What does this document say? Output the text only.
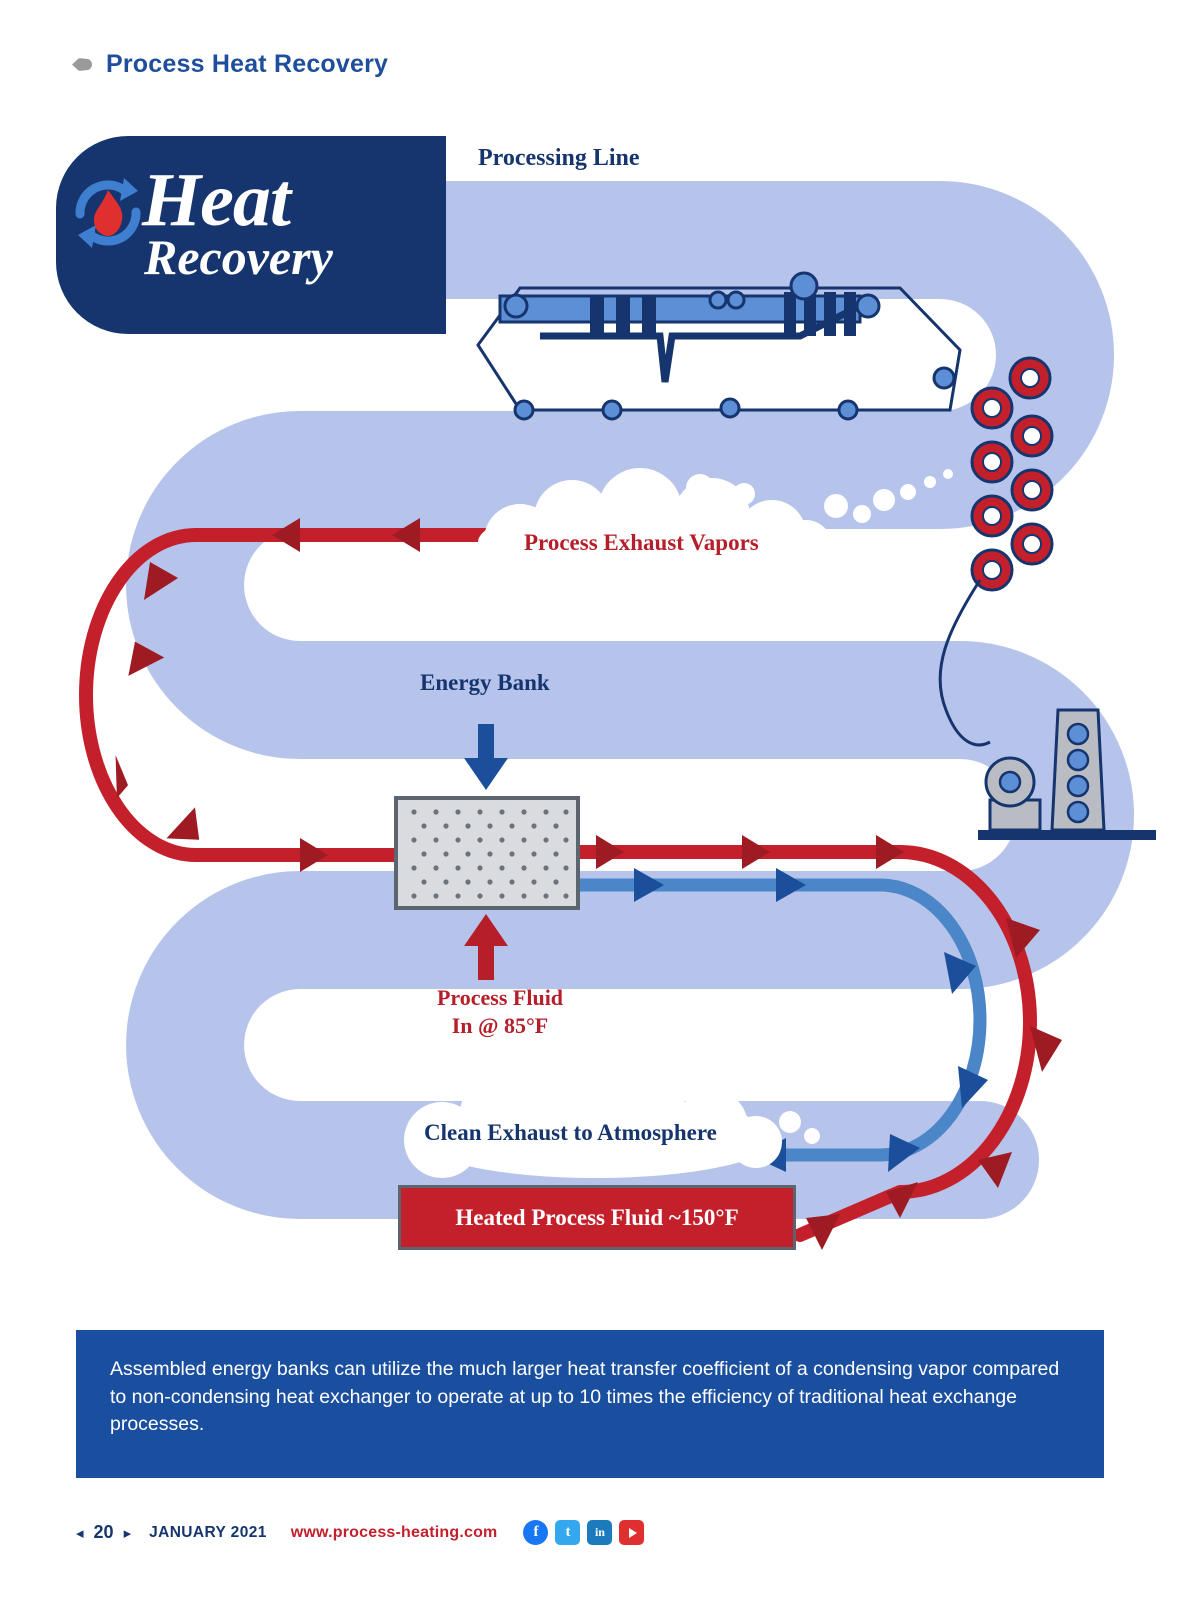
Process Heat Recovery
Heat
Recovery
Processing Line
Process Exhaust Vapors
Energy Bank
Process Fluid
In @ 85°F
Clean Exhaust to Atmosphere
Heated Process Fluid ~150°F
Assembled energy banks can utilize the much larger heat transfer coefficient of a condensing vapor compared to non-condensing heat exchanger to operate at up to 10 times the efficiency of traditional heat exchange processes.
◂ 20 ▸ JANUARY 2021 www.process-heating.com	f	t	in
